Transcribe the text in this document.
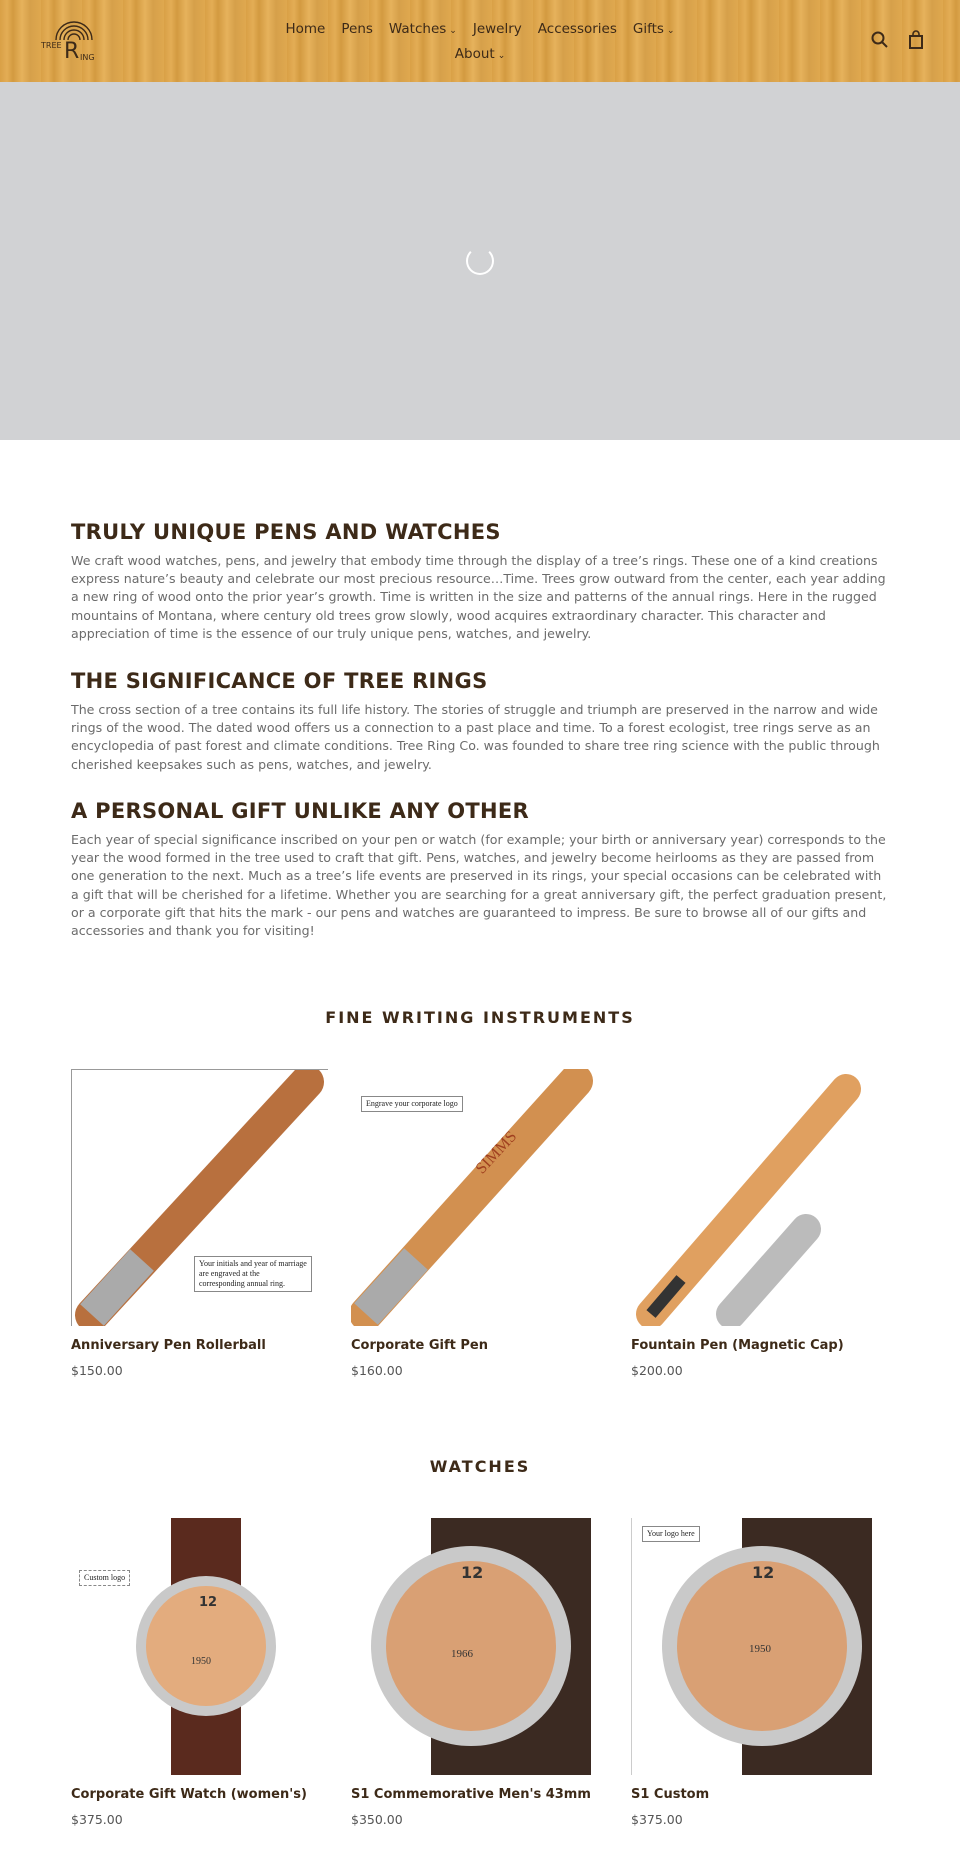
TREE R ING
Home Pens Watches ⌄ Jewelry Accessories Gifts ⌄
About ⌄
TRULY UNIQUE PENS AND WATCHES

We craft wood watches, pens, and jewelry that embody time through the display of a tree’s rings. These one of a kind creations express nature’s beauty and celebrate our most precious resource…Time. Trees grow outward from the center, each year adding a new ring of wood onto the prior year’s growth. Time is written in the size and patterns of the annual rings. Here in the rugged mountains of Montana, where century old trees grow slowly, wood acquires extraordinary character. This character and appreciation of time is the essence of our truly unique pens, watches, and jewelry.

THE SIGNIFICANCE OF TREE RINGS

The cross section of a tree contains its full life history. The stories of struggle and triumph are preserved in the narrow and wide rings of the wood. The dated wood offers us a connection to a past place and time. To a forest ecologist, tree rings serve as an encyclopedia of past forest and climate conditions. Tree Ring Co. was founded to share tree ring science with the public through cherished keepsakes such as pens, watches, and jewelry.

A PERSONAL GIFT UNLIKE ANY OTHER

Each year of special significance inscribed on your pen or watch (for example; your birth or anniversary year) corresponds to the year the wood formed in the tree used to craft that gift. Pens, watches, and jewelry become heirlooms as they are passed from one generation to the next. Much as a tree’s life events are preserved in its rings, your special occasions can be celebrated with a gift that will be cherished for a lifetime. Whether you are searching for a great anniversary gift, the perfect graduation present, or a corporate gift that hits the mark - our pens and watches are guaranteed to impress. Be sure to browse all of our gifts and accessories and thank you for visiting!

FINE WRITING INSTRUMENTS
Your initials and year of marriage are engraved at the corresponding annual ring.
Anniversary Pen Rollerball
$150.00
Engrave your corporate logo
SIMMS
Corporate Gift Pen
$160.00
Fountain Pen (Magnetic Cap)
$200.00
WATCHES
12
Custom logo
1950
Corporate Gift Watch (women's)
$375.00
12
1966
S1 Commemorative Men's 43mm
$350.00
12
Your logo here
1950
S1 Custom
$375.00
